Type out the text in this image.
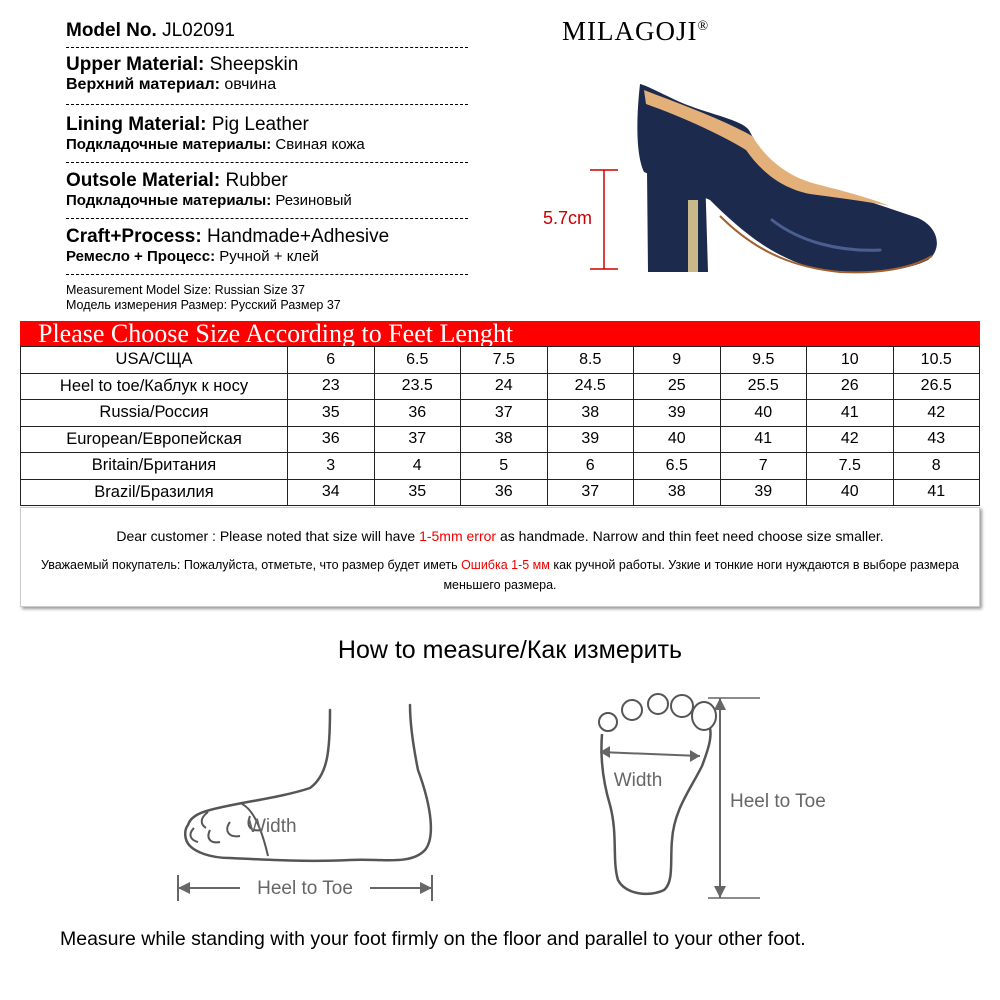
Model No. JL02091
Upper Material: Sheepskin
Верхний материал: овчина
Lining Material: Pig Leather
Подкладочные материалы: Свиная кожа
Outsole Material: Rubber
Подкладочные материалы: Резиновый
Craft+Process: Handmade+Adhesive
Ремесло + Процесс: Ручной + клей
Measurement Model Size: Russian Size 37
Модель измерения Размер: Русский Размер 37
MILAGOJI®
5.7cm
Please Choose Size According to Feet Lenght
USA/СЩА	6	6.5	7.5	8.5	9	9.5	10	10.5
Heel to toe/Каблук к носу	23	23.5	24	24.5	25	25.5	26	26.5
Russia/Россия	35	36	37	38	39	40	41	42
European/Европейская	36	37	38	39	40	41	42	43
Britain/Британия	3	4	5	6	6.5	7	7.5	8
Brazil/Бразилия	34	35	36	37	38	39	40	41
Dear customer : Please noted that size will have 1-5mm error as handmade. Narrow and thin feet need choose size smaller.
Уважаемый покупатель: Пожалуйста, отметьте, что размер будет иметь Ошибка 1-5 мм как ручной работы. Узкие и тонкие ноги нуждаются в выборе размера меньшего размера.
How to measure/Как измерить
Width
Heel to Toe
Width
Heel to Toe
Measure while standing with your foot firmly on the floor and parallel to your other foot.
